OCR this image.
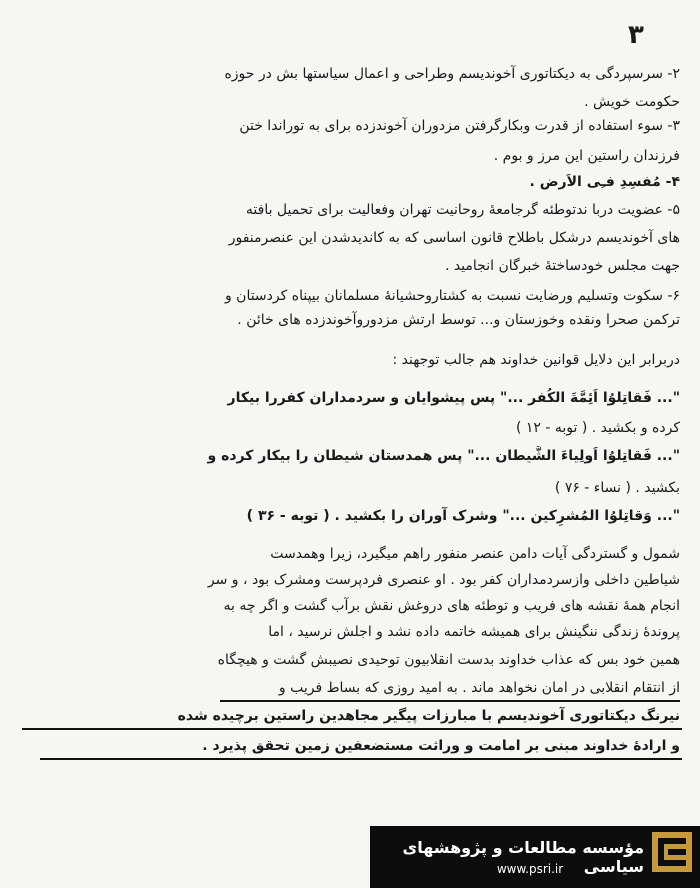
۳
۲- سرسپردگی به دیکتاتوری آخوندیسم وطراحی و اعمال سیاستها بش در حوزه
حکومت خویش .
۳- سوء استفاده از قدرت وبکارگرفتن مزدوران آخوندزده برای به توراندا ختن
فرزندان راستین این مرز و بوم .
۴- مُفسِدِ فـِی الاَرض .
۵- عضویت دربا ندتوطئه گرجامعهٔ روحانیت تهران وفعالیت برای تحمیل بافته
های آخوندیسم درشکل باطلاح قانون اساسی که به کاندیدشدن این عنصرمنفور
جهت مجلس خودساختهٔ خبرگان انجامید .
۶- سکوت وتسلیم ورضایت نسبت به کشتاروحشیانهٔ مسلمانان بیپناه کردستان و
ترکمن صحرا ونقده وخوزستان و... توسط ارتش مزدوروآخوندزده های خائن .
دربرابر این دلایل قوانین خداوند هم جالب توجهند :
"... فَقاتِلوُا اَئِمَّةَ الکُفر ..." پس پیشوایان و سردمداران کفررا بیکار
کرده و بکشید . ( توبه - ۱۲ )
"... فَقاتِلوُا اَولِیاءَ الشَّیطان ..." پس همدستان شیطان را بیکار کرده و
بکشید . ( نساء - ۷۶ )
"... وَقاتِلوُا المُشرِکین ..." وشرک آوران را بکشید . ( توبه - ۳۶ )
شمول و گستردگی آیات دامن عنصر منفور راهم میگیرد، زیرا وهمدست
شیاطین داخلی وازسردمداران کفر بود . او عنصری فردپرست ومشرک بود ، و سر
انجام همهٔ نقشه های فریب و توطئه های دروغش نقش برآب گشت و اگر چه به
پروندهٔ زندگی ننگینش برای همیشه خاتمه داده نشد و اجلش نرسید ، اما
همین خود بس که عذاب خداوند بدست انقلابیون توحیدی نصیبش گشت و هیچگاه
از انتقام انقلابی در امان نخواهد ماند . به امید روزی که بساط فریب و
نیرنگ دیکتاتوری آخوندیسم با مبارزات پیگیر مجاهدین راستین برچیده شده
و ارادهٔ خداوند مبنی بر امامت و وراثت مستضعفین زمین تحقق پذیرد .
مؤسسه مطالعات و پژوهشهای سیاسی
www.psri.ir
